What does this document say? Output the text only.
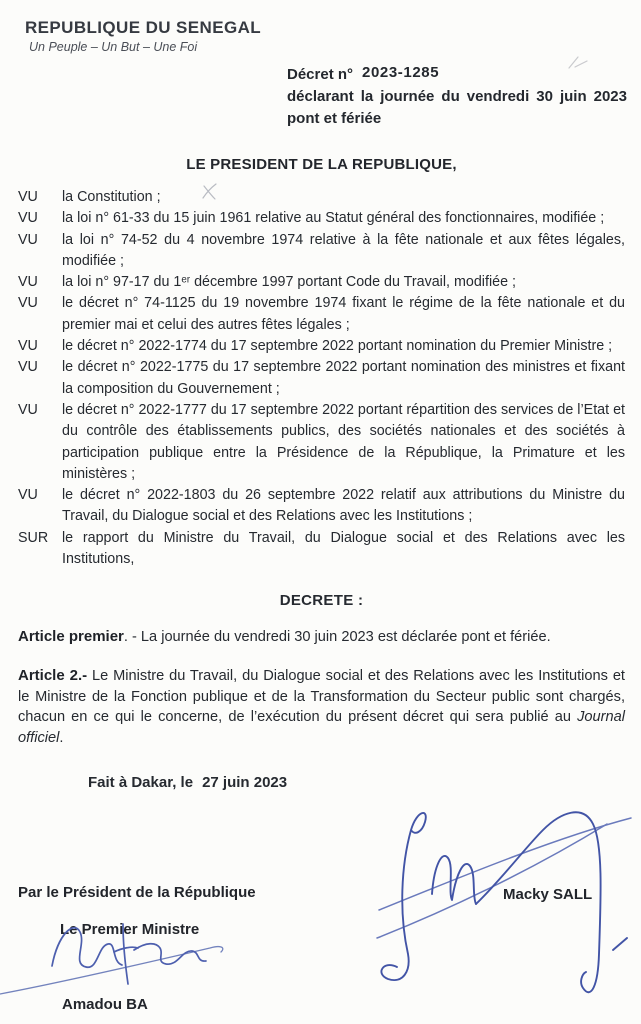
REPUBLIQUE DU SENEGAL
Un Peuple – Un But – Une Foi
Décret n° 2023-1285
déclarant la journée du vendredi 30 juin 2023 pont et fériée
LE PRESIDENT DE LA REPUBLIQUE,
VU	la Constitution ;
VU	la loi n° 61-33 du 15 juin 1961 relative au Statut général des fonctionnaires, modifiée ;
VU	la loi n° 74-52 du 4 novembre 1974 relative à la fête nationale et aux fêtes légales, modifiée ;
VU	la loi n° 97-17 du 1ᵉʳ décembre 1997 portant Code du Travail, modifiée ;
VU	le décret n° 74-1125 du 19 novembre 1974 fixant le régime de la fête nationale et du premier mai et celui des autres fêtes légales ;
VU	le décret n° 2022-1774 du 17 septembre 2022 portant nomination du Premier Ministre ;
VU	le décret n° 2022-1775 du 17 septembre 2022 portant nomination des ministres et fixant la composition du Gouvernement ;
VU	le décret n° 2022-1777 du 17 septembre 2022 portant répartition des services de l’Etat et du contrôle des établissements publics, des sociétés nationales et des sociétés à participation publique entre la Présidence de la République, la Primature et les ministères ;
VU	le décret n° 2022-1803 du 26 septembre 2022 relatif aux attributions du Ministre du Travail, du Dialogue social et des Relations avec les Institutions ;
SUR le rapport du Ministre du Travail, du Dialogue social et des Relations avec les Institutions,
DECRETE :

Article premier. - La journée du vendredi 30 juin 2023 est déclarée pont et fériée.

Article 2.- Le Ministre du Travail, du Dialogue social et des Relations avec les Institutions et le Ministre de la Fonction publique et de la Transformation du Secteur public sont chargés, chacun en ce qui le concerne, de l’exécution du présent décret qui sera publié au Journal officiel.

Fait à Dakar, le 27 juin 2023
Par le Président de la République	Macky SALL
Le Premier Ministre
Amadou BA
